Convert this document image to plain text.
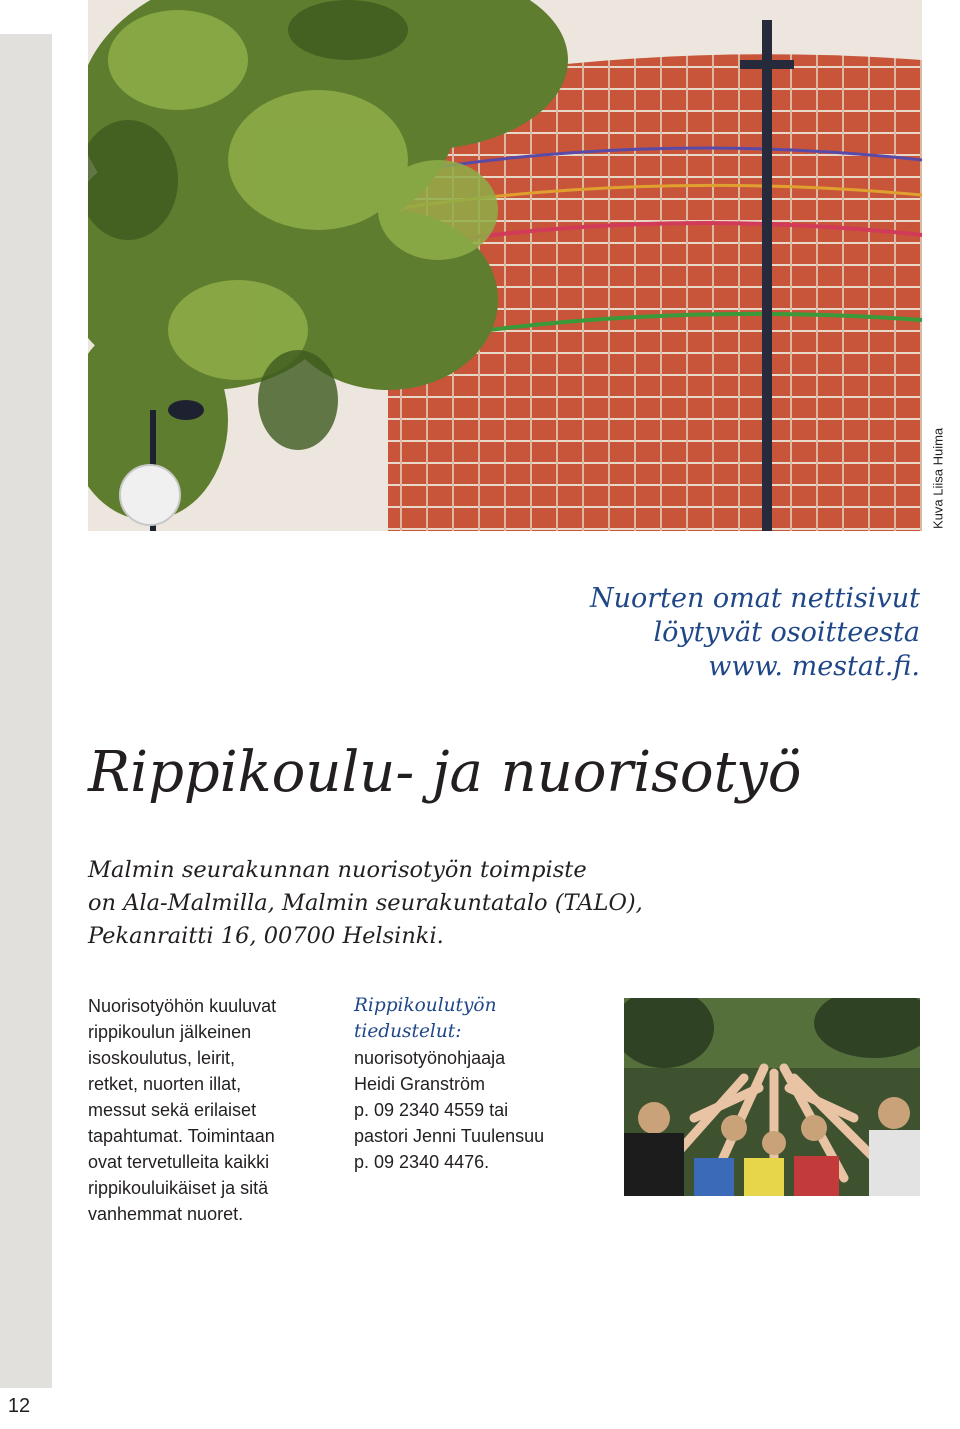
12
Kuva Liisa Huima
Nuorten omat nettisivut
löytyvät osoitteesta
www. mestat.fi.
Rippikoulu- ja nuorisotyö
Malmin seurakunnan nuorisotyön toimpiste
on Ala-Malmilla, Malmin seurakuntatalo (TALO),
Pekanraitti 16, 00700 Helsinki.
Nuorisotyöhön kuuluvat
rippikoulun jälkeinen
isoskoulutus, leirit,
retket, nuorten illat,
messut sekä erilaiset
tapahtumat. Toimintaan
ovat tervetulleita kaikki
rippikouluikäiset ja sitä
vanhemmat nuoret.
Rippikoulutyön
tiedustelut:
nuorisotyönohjaaja
Heidi Granström
p. 09 2340 4559 tai
pastori Jenni Tuulensuu
p. 09 2340 4476.
